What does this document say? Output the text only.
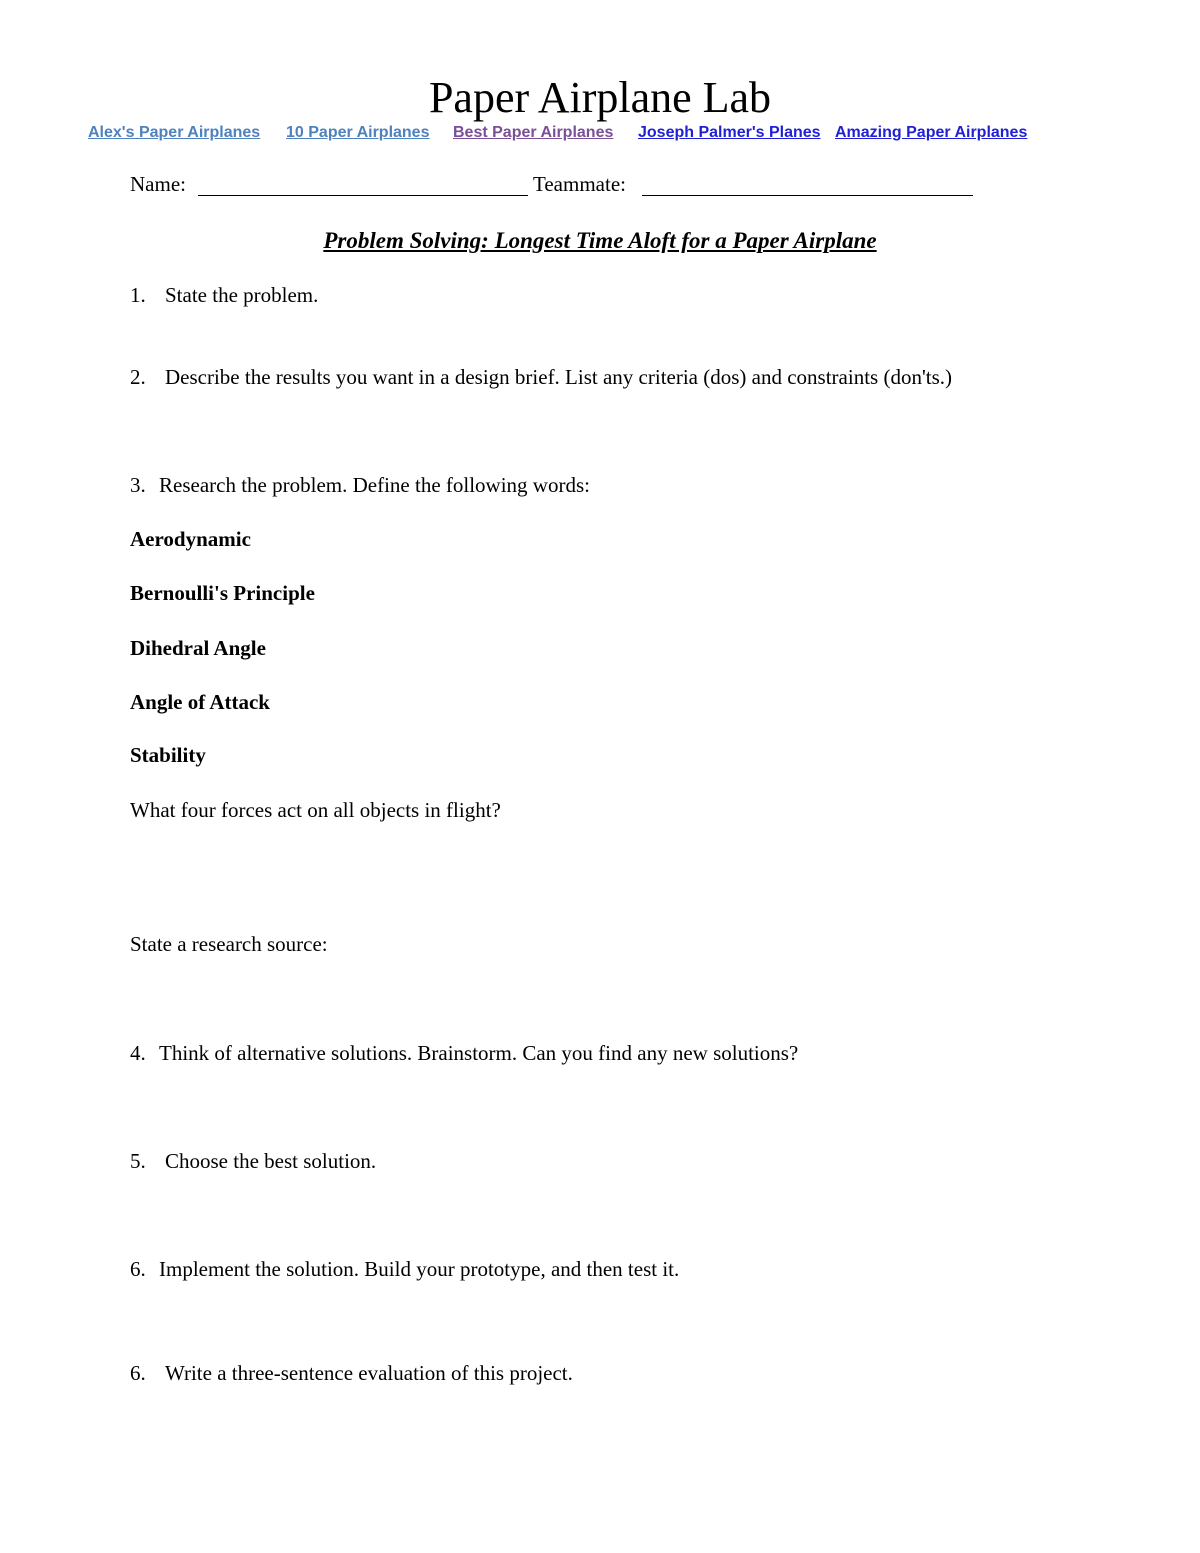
Paper Airplane Lab
Alex's Paper Airplanes 10 Paper Airplanes Best Paper Airplanes Joseph Palmer's Planes Amazing Paper Airplanes
Name:	Teammate:
Problem Solving: Longest Time Aloft for a Paper Airplane
1. State the problem.
2. Describe the results you want in a design brief. List any criteria (dos) and constraints (don'ts.)
3. Research the problem. Define the following words:
Aerodynamic
Bernoulli's Principle
Dihedral Angle
Angle of Attack
Stability
What four forces act on all objects in flight?
State a research source:
4. Think of alternative solutions. Brainstorm. Can you find any new solutions?
5. Choose the best solution.
6. Implement the solution. Build your prototype, and then test it.
6. Write a three-sentence evaluation of this project.
